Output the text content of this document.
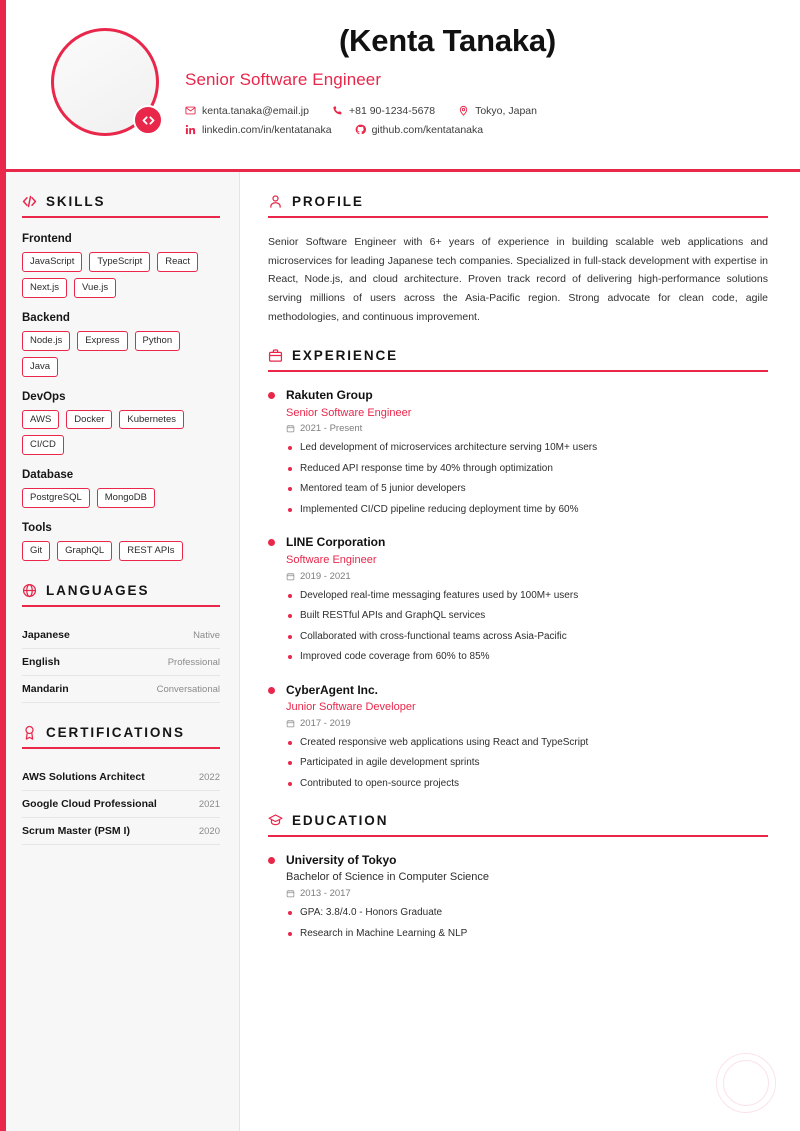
(Kenta Tanaka)
Senior Software Engineer
kenta.tanaka@email.jp	+81 90-1234-5678	Tokyo, Japan
linkedin.com/in/kentatanaka	github.com/kentatanaka
SKILLS
Frontend
JavaScript	TypeScript	React
Next.js	Vue.js
Backend
Node.js	Express	Python
Java
DevOps
AWS	Docker	Kubernetes
CI/CD
Database
PostgreSQL	MongoDB
Tools
Git	GraphQL	REST APIs
LANGUAGES
Japanese	Native
English	Professional
Mandarin	Conversational
CERTIFICATIONS
AWS Solutions Architect	2022
Google Cloud Professional	2021
Scrum Master (PSM I)	2020
PROFILE
Senior Software Engineer with 6+ years of experience in building scalable web applications and microservices for leading Japanese tech companies. Specialized in full-stack development with expertise in React, Node.js, and cloud architecture. Proven track record of delivering high-performance solutions serving millions of users across the Asia-Pacific region. Strong advocate for clean code, agile methodologies, and continuous improvement.
EXPERIENCE
Rakuten Group
Senior Software Engineer
2021 - Present
Led development of microservices architecture serving 10M+ users
Reduced API response time by 40% through optimization
Mentored team of 5 junior developers
Implemented CI/CD pipeline reducing deployment time by 60%
LINE Corporation
Software Engineer
2019 - 2021
Developed real-time messaging features used by 100M+ users
Built RESTful APIs and GraphQL services
Collaborated with cross-functional teams across Asia-Pacific
Improved code coverage from 60% to 85%
CyberAgent Inc.
Junior Software Developer
2017 - 2019
Created responsive web applications using React and TypeScript
Participated in agile development sprints
Contributed to open-source projects
EDUCATION
University of Tokyo
Bachelor of Science in Computer Science
2013 - 2017
GPA: 3.8/4.0 - Honors Graduate
Research in Machine Learning & NLP
